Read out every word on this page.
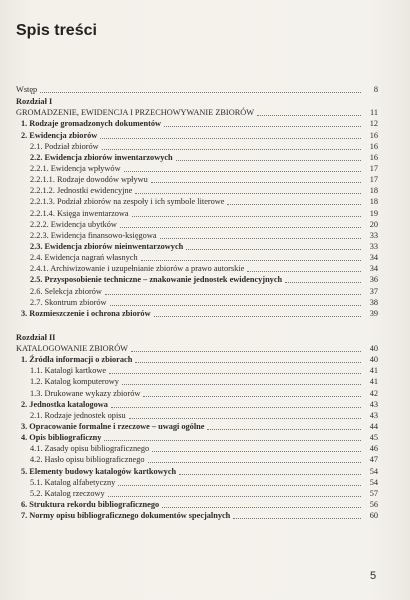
Spis treści
Wstęp	8
Rozdział I
GROMADZENIE, EWIDENCJA I PRZECHOWYWANIE ZBIORÓW	11
1. Rodzaje gromadzonych dokumentów	12
2. Ewidencja zbiorów	16
2.1. Podział zbiorów	16
2.2. Ewidencja zbiorów inwentarzowych	16
2.2.1. Ewidencja wpływów	17
2.2.1.1. Rodzaje dowodów wpływu	17
2.2.1.2. Jednostki ewidencyjne	18
2.2.1.3. Podział zbiorów na zespoły i ich symbole literowe	18
2.2.1.4. Księga inwentarzowa	19
2.2.2. Ewidencja ubytków	20
2.2.3. Ewidencja finansowo-księgowa	33
2.3. Ewidencja zbiorów nieinwentarzowych	33
2.4. Ewidencja nagrań własnych	34
2.4.1. Archiwizowanie i uzupełnianie zbiorów a prawo autorskie	34
2.5. Przysposobienie techniczne – znakowanie jednostek ewidencyjnych	36
2.6. Selekcja zbiorów	37
2.7. Skontrum zbiorów	38
3. Rozmieszczenie i ochrona zbiorów	39
Rozdział II
KATALOGOWANIE ZBIORÓW	40
1. Źródła informacji o zbiorach	40
1.1. Katalogi kartkowe	41
1.2. Katalog komputerowy	41
1.3. Drukowane wykazy zbiorów	42
2. Jednostka katalogowa	43
2.1. Rodzaje jednostek opisu	43
3. Opracowanie formalne i rzeczowe – uwagi ogólne	44
4. Opis bibliograficzny	45
4.1. Zasady opisu bibliograficznego	46
4.2. Hasło opisu bibliograficznego	47
5. Elementy budowy katalogów kartkowych	54
5.1. Katalog alfabetyczny	54
5.2. Katalog rzeczowy	57
6. Struktura rekordu bibliograficznego	56
7. Normy opisu bibliograficznego dokumentów specjalnych	60
5
